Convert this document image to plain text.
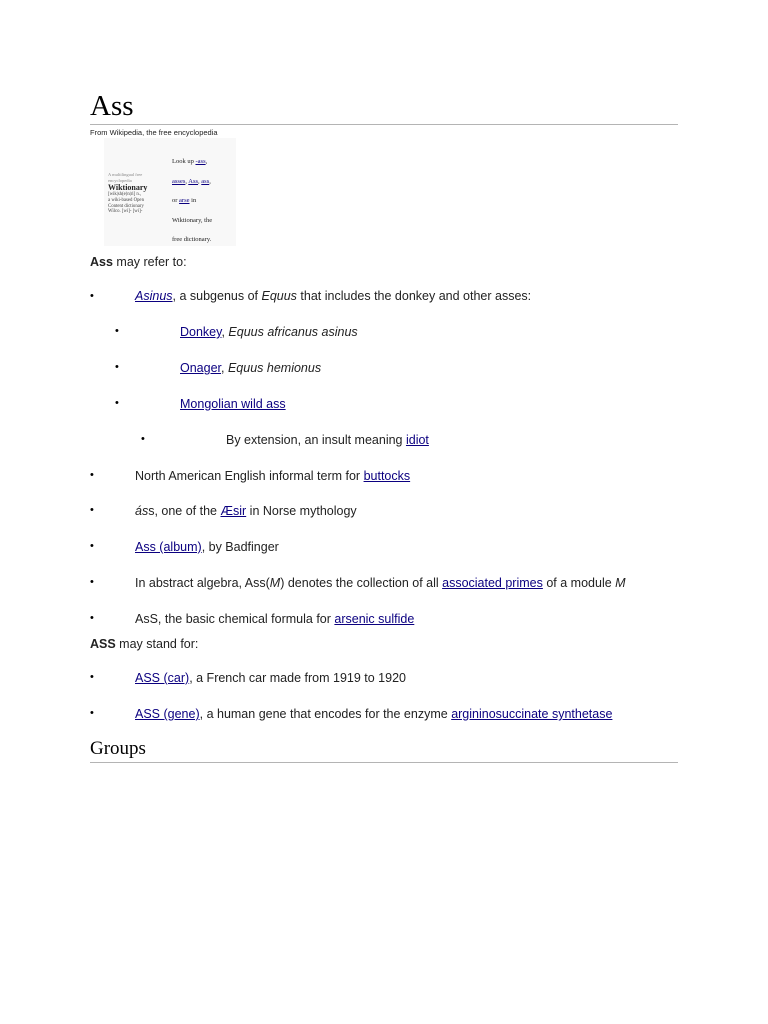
Ass
From Wikipedia, the free encyclopedia
A multilingual free
encyclopedia
Wiktionary
[wik|sh(e)n|ri] n.,
a wiki-based Open
Content dictionary
Wilco. [wi]- [wi]-
Look up -ass,
asses, Ass, ass,
or arse in
Wiktionary, the
free dictionary.
Ass may refer to:
•	Asinus, a subgenus of Equus that includes the donkey and other asses:
•	Donkey, Equus africanus asinus
•	Onager, Equus hemionus
•	Mongolian wild ass
•	By extension, an insult meaning idiot
•	North American English informal term for buttocks
•	áss, one of the Æsir in Norse mythology
•	Ass (album), by Badfinger
•	In abstract algebra, Ass(M) denotes the collection of all associated primes of a module M
•	AsS, the basic chemical formula for arsenic sulfide
ASS may stand for:
•	ASS (car), a French car made from 1919 to 1920
•	ASS (gene), a human gene that encodes for the enzyme argininosuccinate synthetase
Groups
